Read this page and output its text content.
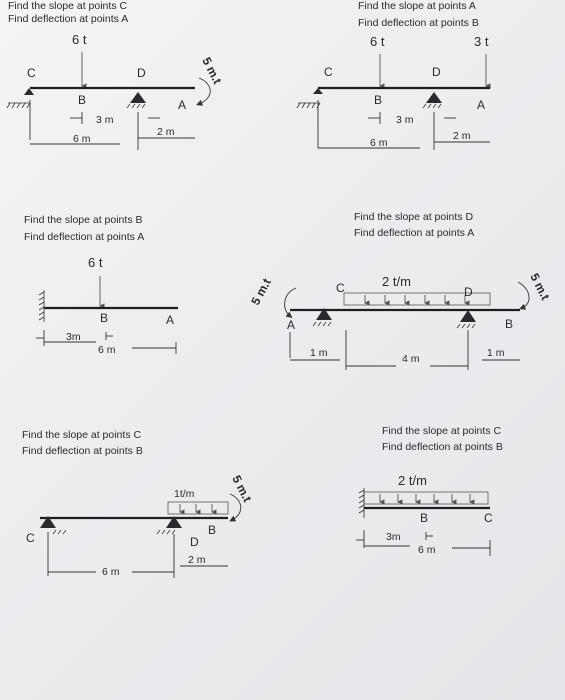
Find the slope at points C
Find deflection at points A
6 t
C	D
B	A
5 m.t
3 m
6 m
2 m
Find the slope at points A
Find deflection at points B
6 t	3 t
C	D
B	A
3 m
6 m
2 m
Find the slope at points B
Find deflection at points A
6 t
B	A
3m
6 m
Find the slope at points D
Find deflection at points A
2 t/m
C	D
A	B
5 m.t	5 m.t
1 m	4 m	1 m
Find the slope at points C
Find deflection at points B
1t/m
C	D
B
5 m.t
6 m
2 m
Find the slope at points C
Find deflection at points B
2 t/m
B	C
3m
6 m
